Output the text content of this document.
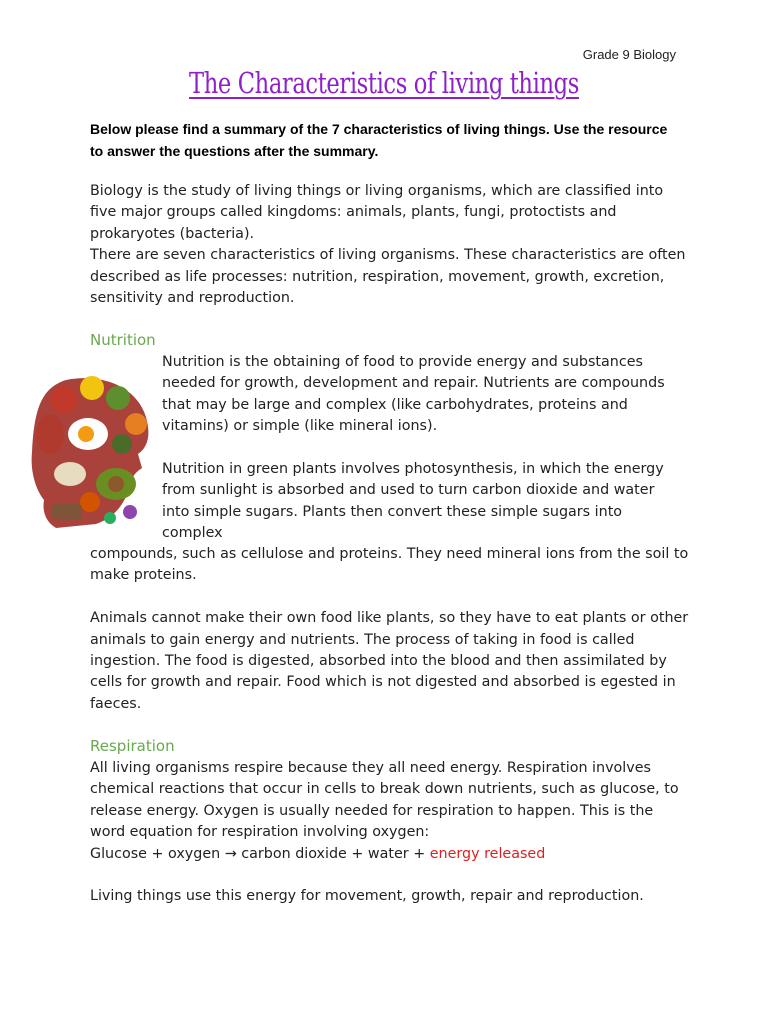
Grade 9 Biology
The Characteristics of living things
Below please find a summary of the 7 characteristics of living things. Use the resource to answer the questions after the summary.

Biology is the study of living things or living organisms, which are classified into five major groups called kingdoms: animals, plants, fungi, protoctists and prokaryotes (bacteria).

There are seven characteristics of living organisms. These characteristics are often described as life processes: nutrition, respiration, movement, growth, excretion, sensitivity and reproduction.

Nutrition

Nutrition is the obtaining of food to provide energy and substances needed for growth, development and repair. Nutrients are compounds that may be large and complex (like carbohydrates, proteins and vitamins) or simple (like mineral ions).

Nutrition in green plants involves photosynthesis, in which the energy from sunlight is absorbed and used to turn carbon dioxide and water into simple sugars. Plants then convert these simple sugars into complex

compounds, such as cellulose and proteins. They need mineral ions from the soil to make proteins.

Animals cannot make their own food like plants, so they have to eat plants or other animals to gain energy and nutrients. The process of taking in food is called ingestion. The food is digested, absorbed into the blood and then assimilated by cells for growth and repair. Food which is not digested and absorbed is egested in faeces.

Respiration

All living organisms respire because they all need energy. Respiration involves chemical reactions that occur in cells to break down nutrients, such as glucose, to release energy. Oxygen is usually needed for respiration to happen. This is the word equation for respiration involving oxygen:

Glucose + oxygen → carbon dioxide + water + energy released

Living things use this energy for movement, growth, repair and reproduction.
